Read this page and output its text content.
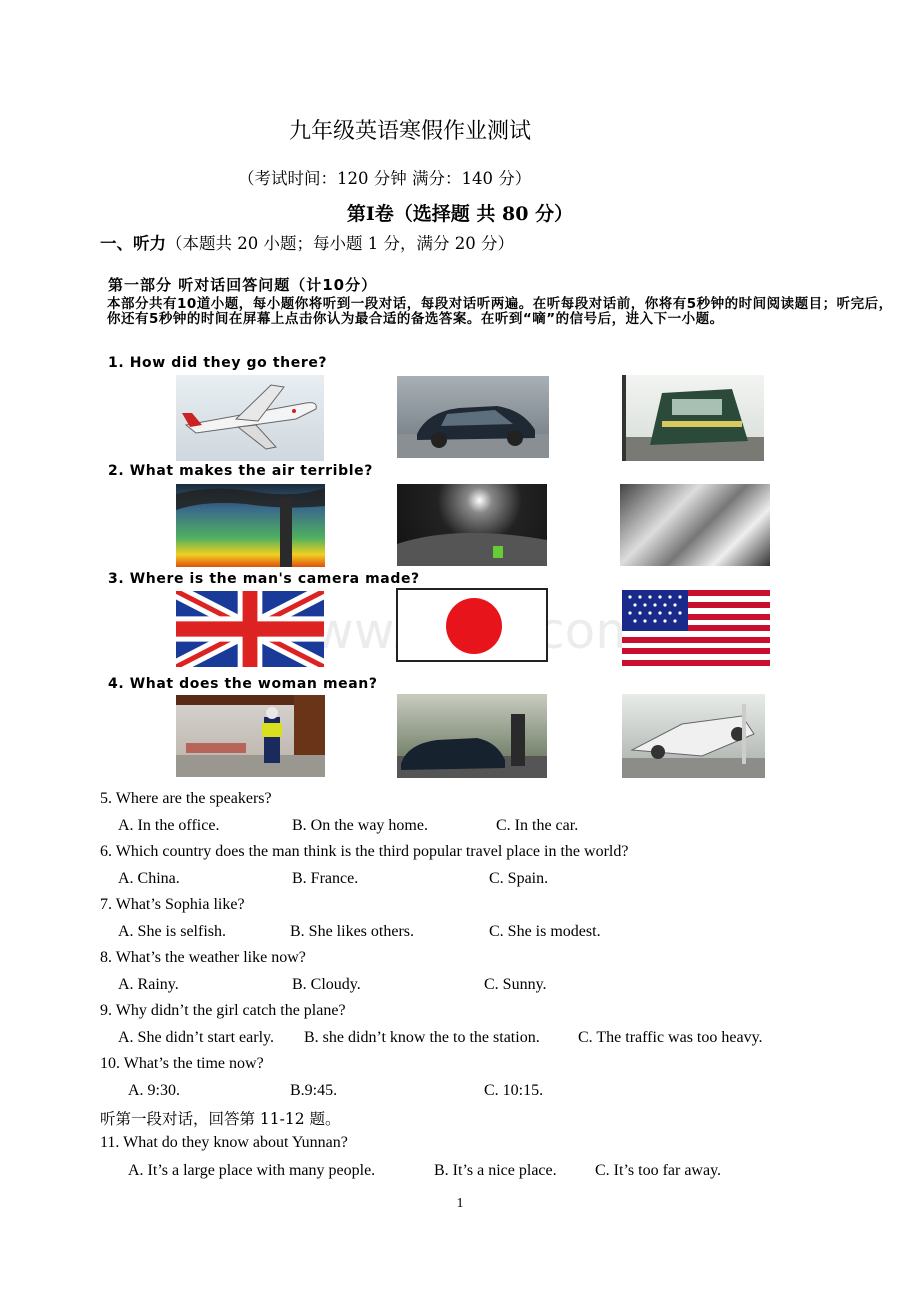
九年级英语寒假作业测试
（考试时间：120 分钟 满分：140 分）
第I卷（选择题 共 80 分）
一、听力（本题共 20 小题；每小题 1 分，满分 20 分）
第一部分 听对话回答问题（计10分）
本部分共有10道小题，每小题你将听到一段对话，每段对话听两遍。在听每段对话前，你将有5秒钟的时间阅读题目；听完后，你还有5秒钟的时间在屏幕上点击你认为最合适的备选答案。在听到“嘀”的信号后，进入下一小题。
1. How did they go there?
2. What makes the air terrible?
3. Where is the man's camera made?
4. What does the woman mean?
5. Where are the speakers?
A. In the office.	B. On the way home.	C. In the car.
6. Which country does the man think is the third popular travel place in the world?
A. China.	B. France.	C. Spain.
7. What’s Sophia like?
A. She is selfish.	B. She likes others.	C. She is modest.
8. What’s the weather like now?
A. Rainy.	B. Cloudy.	C. Sunny.
9. Why didn’t the girl catch the plane?
A. She didn’t start early. B. she didn’t know the to the station. C. The traffic was too heavy.
10. What’s the time now?
A. 9:30.	B.9:45.	C. 10:15.
听第一段对话，回答第 11-12 题。
11. What do they know about Yunnan?
A. It’s a large place with many people.	B. It’s a nice place. C. It’s too far away.
1
